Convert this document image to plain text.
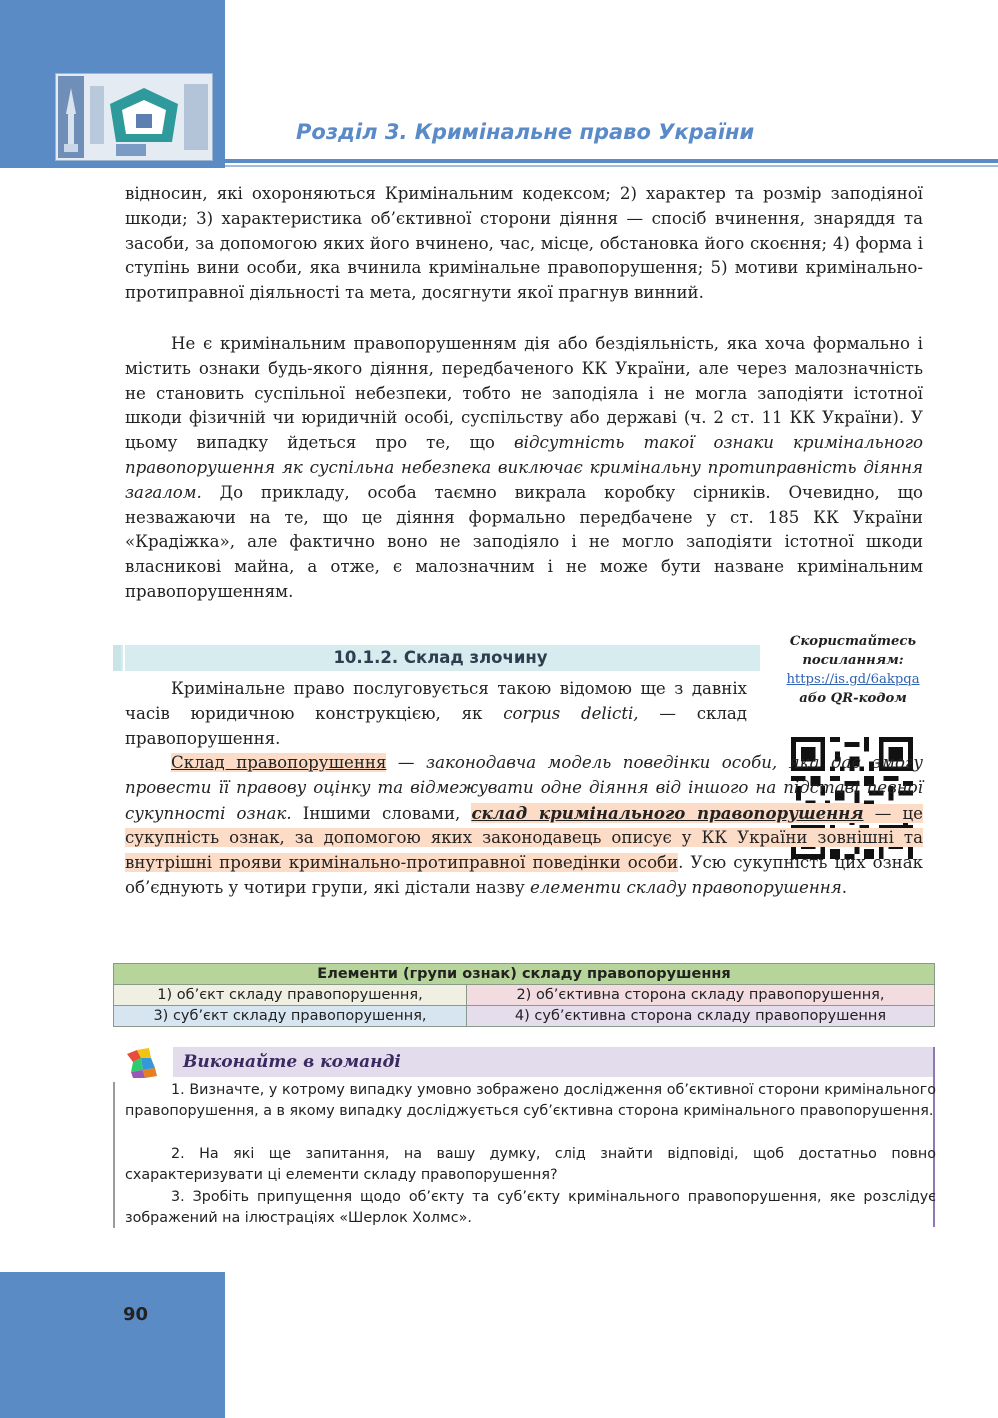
Розділ 3. Кримінальне право України

відносин, які охороняються Кримінальним кодексом; 2) характер та розмір заподіяної шкоди; 3) характеристика об’єктивної сторони діяння — спосіб вчинення, знаряддя та засоби, за допомогою яких його вчинено, час, місце, обстановка його скоєння; 4) форма і ступінь вини особи, яка вчинила кримінальне правопорушення; 5) мотиви кримінально-протиправної діяльності та мета, досягнути якої прагнув винний.

Не є кримінальним правопорушенням дія або бездіяльність, яка хоча формально і містить ознаки будь-якого діяння, передбаченого КК України, але через малозначність не становить суспільної небезпеки, тобто не заподіяла і не могла заподіяти істотної шкоди фізичній чи юридичній особі, суспільству або державі (ч. 2 ст. 11 КК України). У цьому випадку йдеться про те, що відсутність такої ознаки кримінального правопорушення як суспільна небезпека виключає кримінальну протиправність діяння загалом. До прикладу, особа таємно викрала коробку сірників. Очевидно, що незважаючи на те, що це діяння формально передбачене у ст. 185 КК України «Крадіжка», але фактично воно не заподіяло і не могло заподіяти істотної шкоди власникові майна, а отже, є малозначним і не може бути назване кримінальним правопорушенням.

10.1.2. Склад злочину
Скористайтесь
посиланням:
https://is.gd/6akpqa
або QR-кодом

Кримінальне право послуговується такою відомою ще з давніх часів юридичною конструкцією, як corpus delicti, — склад правопорушення.

Склад правопорушення — законодавча модель поведінки особи, яка дає змогу провести її правову оцінку та відмежувати одне діяння від іншого на підставі певної сукупності ознак. Іншими словами, склад кримінального правопорушення — це сукупність ознак, за допомогою яких законодавець описує у КК України зовнішні та внутрішні прояви кримінально-протиправної поведінки особи. Усю сукупність цих ознак об’єднують у чотири групи, які дістали назву елементи складу правопорушення.

Елементи (групи ознак) складу правопорушення	
1) об’єкт складу правопорушення,	2) об’єктивна сторона складу правопорушення,
3) суб’єкт складу правопорушення,	4) суб’єктивна сторона складу правопорушення
Виконайте в команді

1. Визначте, у котрому випадку умовно зображено дослідження об’єктивної сторони кримінального правопорушення, а в якому випадку досліджується суб’єктивна сторона кримінального правопорушення.

2. На які ще запитання, на вашу думку, слід знайти відповіді, щоб достатньо повно схарактеризувати ці елементи складу правопорушення?

3. Зробіть припущення щодо об’єкту та суб’єкту кримінального правопорушення, яке розслідує зображений на ілюстраціях «Шерлок Холмс».

90
